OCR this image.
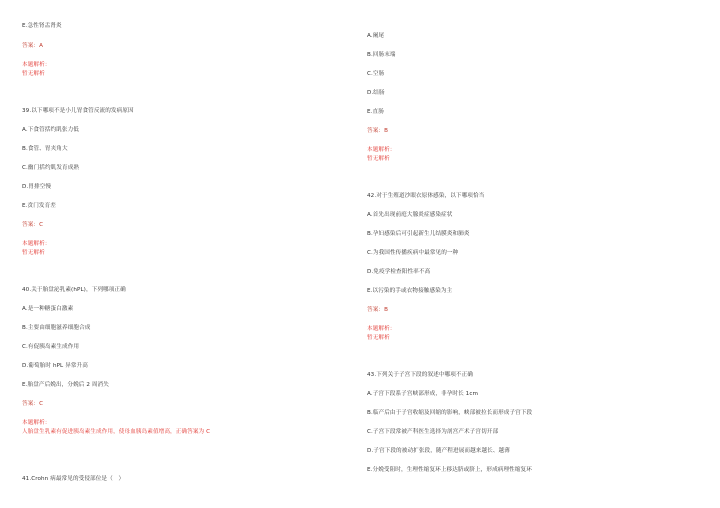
E.急性肾盂肾炎
答案：A
本题解析：
暂无解析
39.以下哪项不是小儿胃食管反流的发病原因
A.下食管括约肌张力低
B.食管、胃夹角大
C.幽门括约肌发育成熟
D.胃排空慢
E.贲门发育差
答案：C
本题解析：
暂无解析
40.关于胎盘泌乳素(hPL)，下列哪项正确
A.是一种糖蛋白激素
B.主要由细胞滋养细胞合成
C.有促胰岛素生成作用
D.葡萄胎时 hPL 异常升高
E.胎盘产后娩出，分娩后 2 周消失
答案：C
本题解析：
人胎盘生乳素有促进胰岛素生成作用，使母血胰岛素值增高，正确答案为 C
41.Crohn 病最常见的受侵部位是（　）
A.阑尾
B.回肠末端
C.空肠
D.结肠
E.直肠
答案：B
本题解析：
暂无解析
42.对于生殖道沙眼衣原体感染，以下哪项恰当
A.首先出现前庭大腺炎症感染症状
B.孕妇感染后可引起新生儿结膜炎和肺炎
C.为我国性传播疾病中最常见的一种
D.免疫学检查阳性率不高
E.以污染的手或衣物接触感染为主
答案：B
本题解析：
暂无解析
43.下列关于子宫下段的叙述中哪项不正确
A.子宫下段系子宫峡部形成，非孕时长 1cm
B.临产后由于子宫收缩及回缩的影响，峡部被拉长而形成子宫下段
C.子宫下段常被产科医生选择为剖宫产术子宫切开部
D.子宫下段的被动扩张段，随产程进展而越来越长、越薄
E.分娩受阻时，生理性缩复环上移达脐或脐上，形成病理性缩复环
